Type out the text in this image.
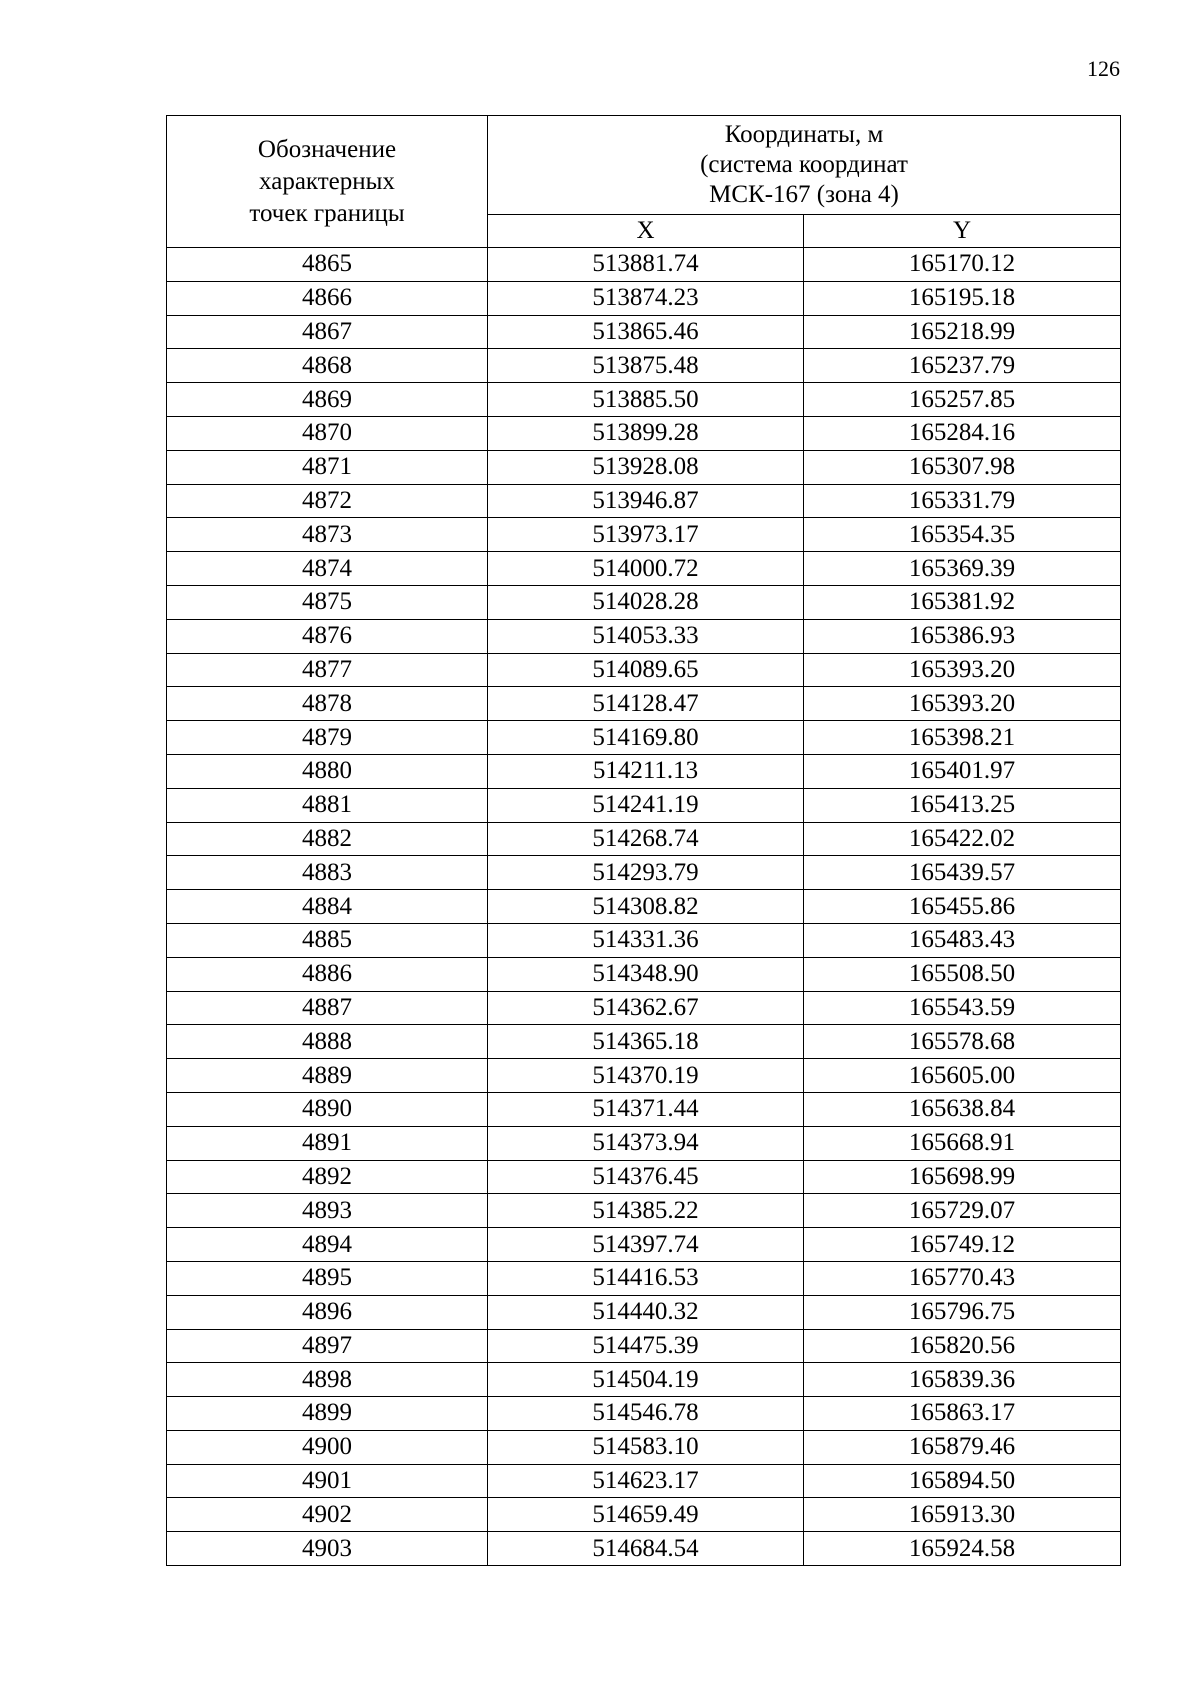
126
Обозначение
характерных
точек границы	Координаты, м
(система координат
МСК-167 (зона 4)	

	X	Y
4865	513881.74	165170.12
4866	513874.23	165195.18
4867	513865.46	165218.99
4868	513875.48	165237.79
4869	513885.50	165257.85
4870	513899.28	165284.16
4871	513928.08	165307.98
4872	513946.87	165331.79
4873	513973.17	165354.35
4874	514000.72	165369.39
4875	514028.28	165381.92
4876	514053.33	165386.93
4877	514089.65	165393.20
4878	514128.47	165393.20
4879	514169.80	165398.21
4880	514211.13	165401.97
4881	514241.19	165413.25
4882	514268.74	165422.02
4883	514293.79	165439.57
4884	514308.82	165455.86
4885	514331.36	165483.43
4886	514348.90	165508.50
4887	514362.67	165543.59
4888	514365.18	165578.68
4889	514370.19	165605.00
4890	514371.44	165638.84
4891	514373.94	165668.91
4892	514376.45	165698.99
4893	514385.22	165729.07
4894	514397.74	165749.12
4895	514416.53	165770.43
4896	514440.32	165796.75
4897	514475.39	165820.56
4898	514504.19	165839.36
4899	514546.78	165863.17
4900	514583.10	165879.46
4901	514623.17	165894.50
4902	514659.49	165913.30
4903	514684.54	165924.58
